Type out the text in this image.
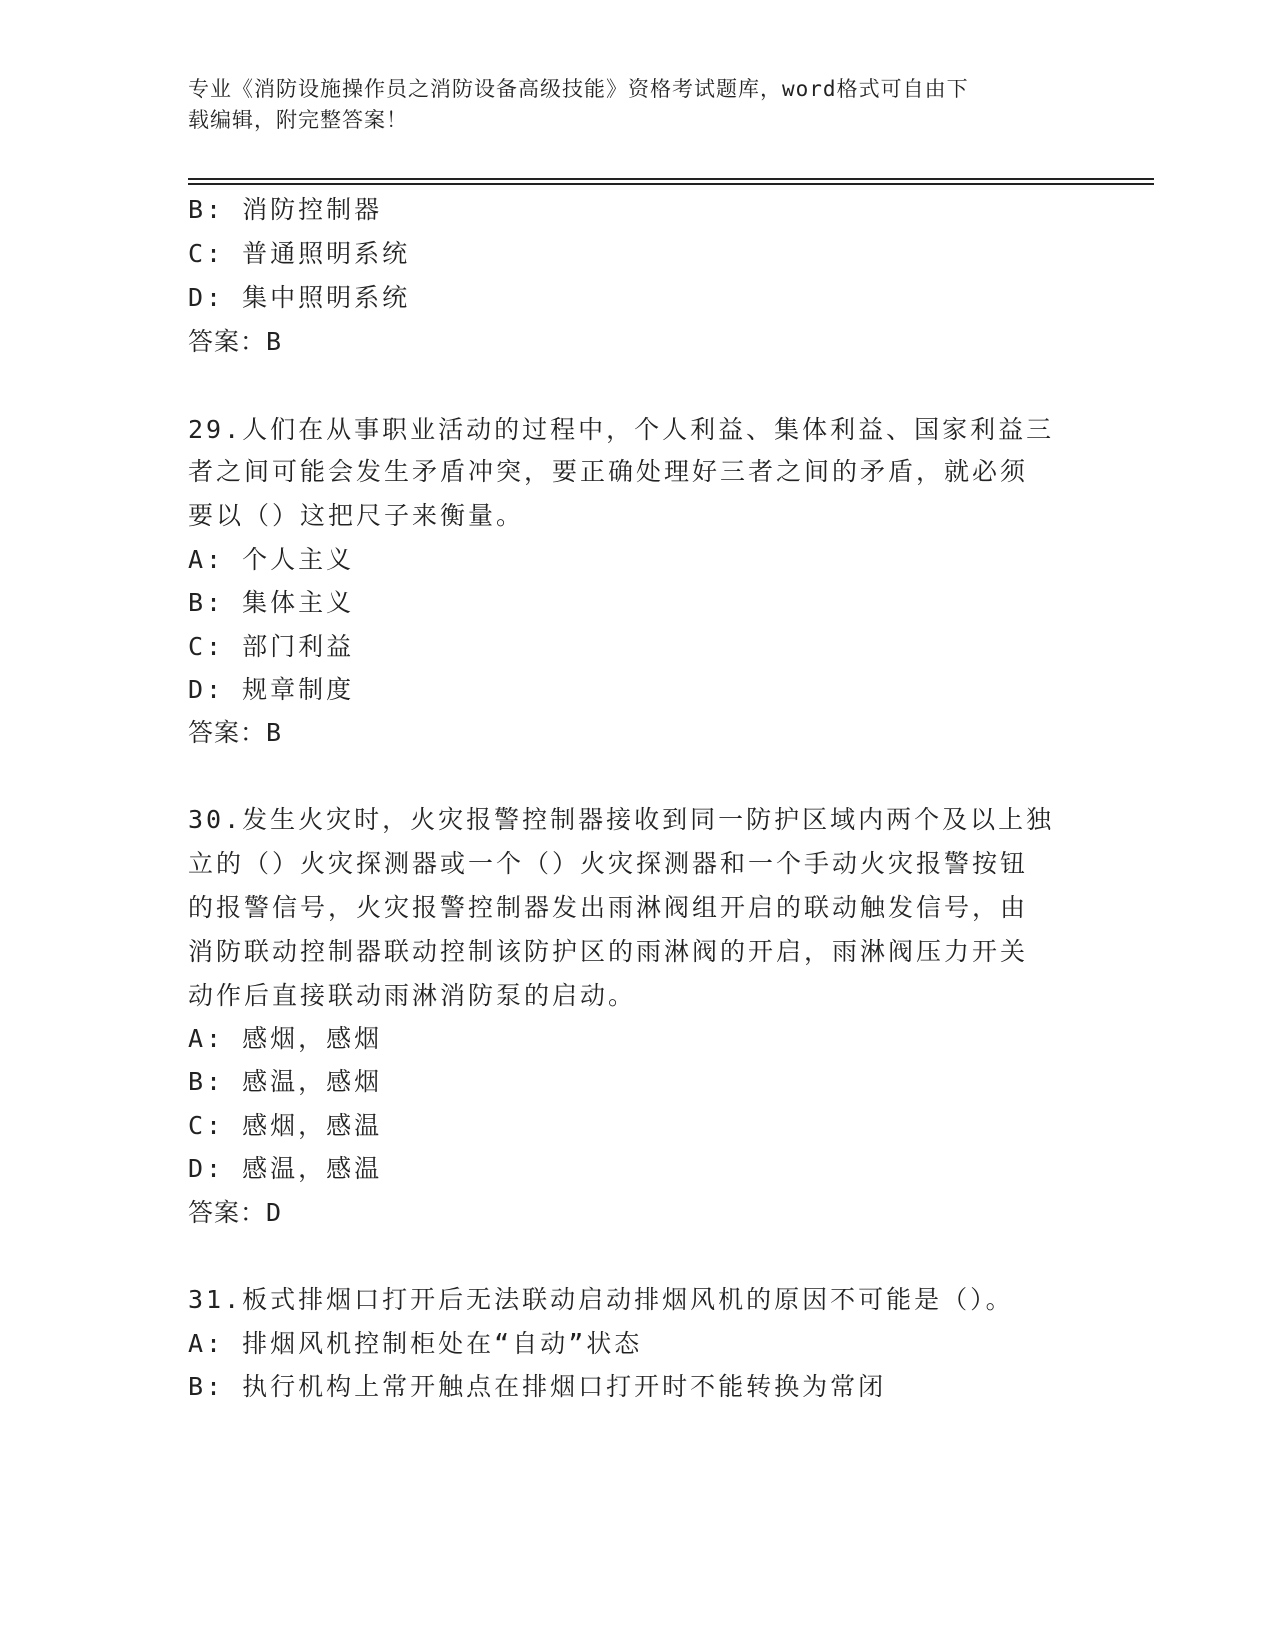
专业《消防设施操作员之消防设备高级技能》资格考试题库，word格式可自由下
载编辑，附完整答案！
B: 消防控制器
C: 普通照明系统
D: 集中照明系统
答案：B
29.人们在从事职业活动的过程中，个人利益、集体利益、国家利益三
者之间可能会发生矛盾冲突，要正确处理好三者之间的矛盾，就必须
要以（）这把尺子来衡量。
A: 个人主义
B: 集体主义
C: 部门利益
D: 规章制度
答案：B
30.发生火灾时，火灾报警控制器接收到同一防护区域内两个及以上独
立的（）火灾探测器或一个（）火灾探测器和一个手动火灾报警按钮
的报警信号，火灾报警控制器发出雨淋阀组开启的联动触发信号，由
消防联动控制器联动控制该防护区的雨淋阀的开启，雨淋阀压力开关
动作后直接联动雨淋消防泵的启动。
A: 感烟，感烟
B: 感温，感烟
C: 感烟，感温
D: 感温，感温
答案：D
31.板式排烟口打开后无法联动启动排烟风机的原因不可能是（）。
A: 排烟风机控制柜处在“自动”状态
B: 执行机构上常开触点在排烟口打开时不能转换为常闭
